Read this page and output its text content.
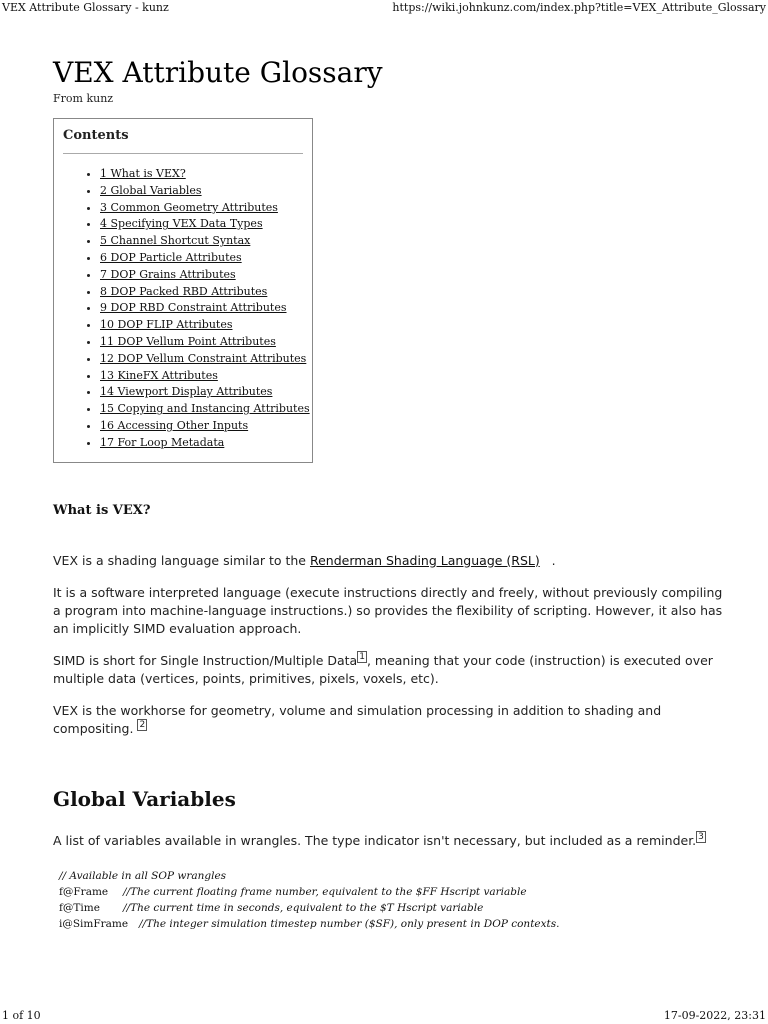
VEX Attribute Glossary - kunz	https://wiki.johnkunz.com/index.php?title=VEX_Attribute_Glossary
VEX Attribute Glossary
From kunz
Contents
• 1 What is VEX?
• 2 Global Variables
• 3 Common Geometry Attributes
• 4 Specifying VEX Data Types
• 5 Channel Shortcut Syntax
• 6 DOP Particle Attributes
• 7 DOP Grains Attributes
• 8 DOP Packed RBD Attributes
• 9 DOP RBD Constraint Attributes
• 10 DOP FLIP Attributes
• 11 DOP Vellum Point Attributes
• 12 DOP Vellum Constraint Attributes
• 13 KineFX Attributes
• 14 Viewport Display Attributes
• 15 Copying and Instancing Attributes
• 16 Accessing Other Inputs
• 17 For Loop Metadata
What is VEX?

VEX is a shading language similar to the Renderman Shading Language (RSL)   .

It is a software interpreted language (execute instructions directly and freely, without previously compiling a program into machine-language instructions.) so provides the flexibility of scripting. However, it also has an implicitly SIMD evaluation approach.

SIMD is short for Single Instruction/Multiple Data $^1$ , meaning that your code (instruction) is executed over multiple data (vertices, points, primitives, pixels, voxels, etc).

VEX is the workhorse for geometry, volume and simulation processing in addition to shading and compositing. $^2$

Global Variables

A list of variables available in wrangles. The type indicator isn't necessary, but included as a reminder. $^3$

// Available in all SOP wrangles
f@Frame //The current floating frame number, equivalent to the $FF Hscript variable
f@Time //The current time in seconds, equivalent to the $T Hscript variable
i@SimFrame //The integer simulation timestep number ($SF), only present in DOP contexts.
1 of 10	17-09-2022, 23:31
